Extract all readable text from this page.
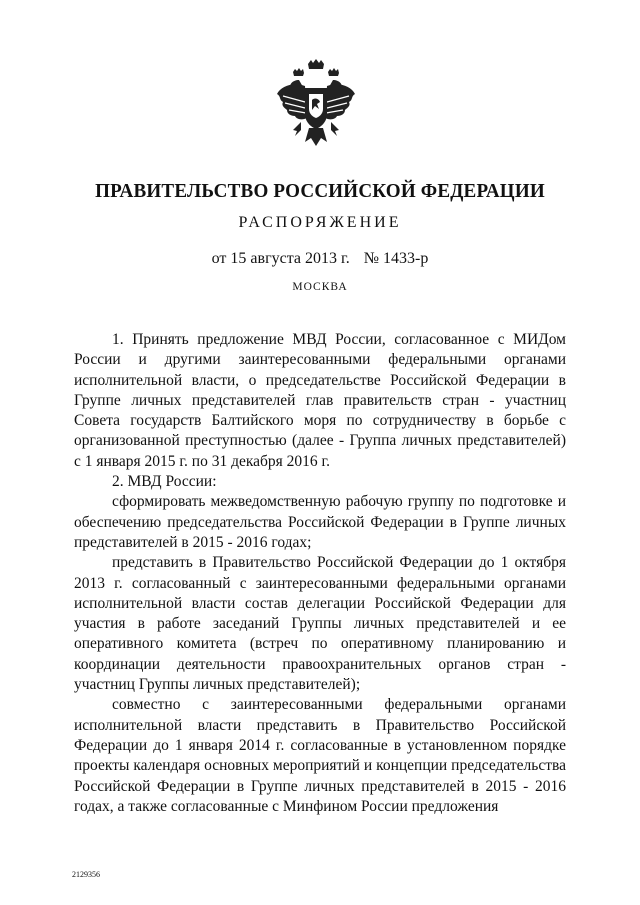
ПРАВИТЕЛЬСТВО РОССИЙСКОЙ ФЕДЕРАЦИИ
РАСПОРЯЖЕНИЕ
от 15 августа 2013 г. № 1433-р
МОСКВА

1. Принять предложение МВД России, согласованное с МИДом России и другими заинтересованными федеральными органами исполнительной власти, о председательстве Российской Федерации в Группе личных представителей глав правительств стран - участниц Совета государств Балтийского моря по сотрудничеству в борьбе с организованной преступностью (далее - Группа личных представителей) с 1 января 2015 г. по 31 декабря 2016 г.

2. МВД России:

сформировать межведомственную рабочую группу по подготовке и обеспечению председательства Российской Федерации в Группе личных представителей в 2015 - 2016 годах;

представить в Правительство Российской Федерации до 1 октября 2013 г. согласованный с заинтересованными федеральными органами исполнительной власти состав делегации Российской Федерации для участия в работе заседаний Группы личных представителей и ее оперативного комитета (встреч по оперативному планированию и координации деятельности правоохранительных органов стран - участниц Группы личных представителей);

совместно с заинтересованными федеральными органами исполнительной власти представить в Правительство Российской Федерации до 1 января 2014 г. согласованные в установленном порядке проекты календаря основных мероприятий и концепции председательства Российской Федерации в Группе личных представителей в 2015 - 2016 годах, а также согласованные с Минфином России предложения

2129356
